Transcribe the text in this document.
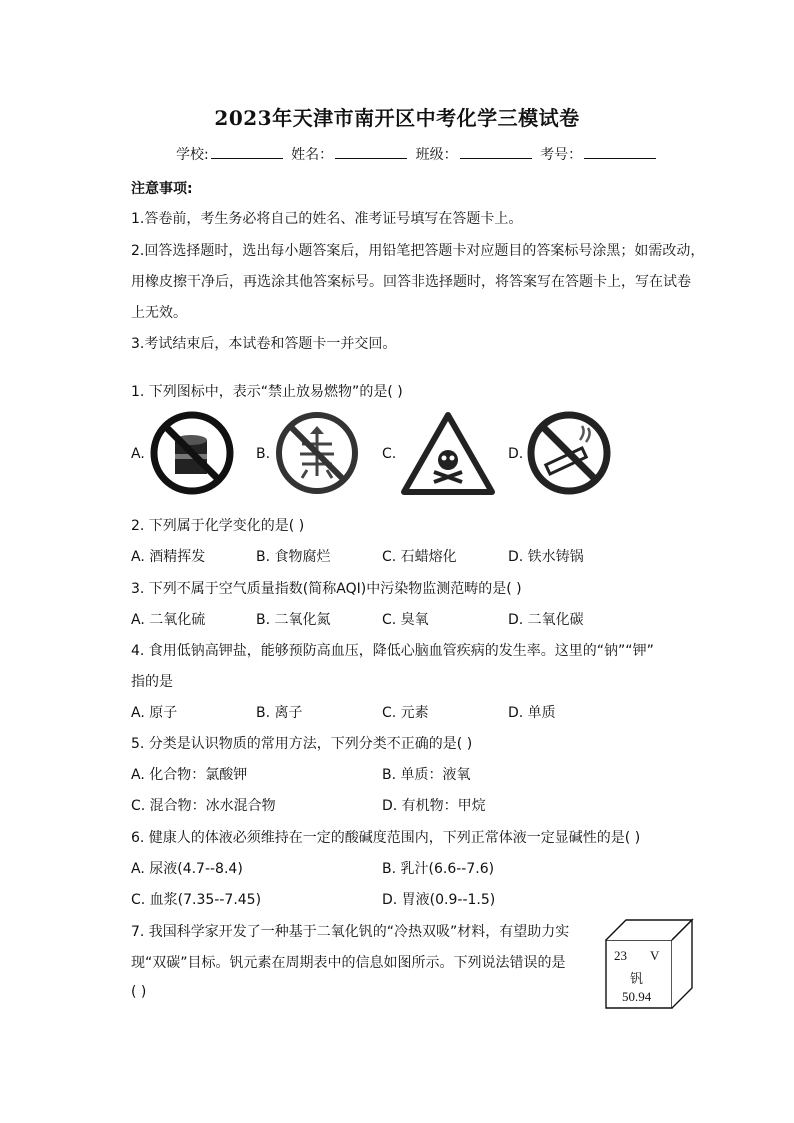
2023年天津市南开区中考化学三模试卷
学校:	姓名：	班级：	考号：
注意事项:
1.答卷前，考生务必将自己的姓名、准考证号填写在答题卡上。
2.回答选择题时，选出每小题答案后，用铅笔把答题卡对应题目的答案标号涂黑；如需改动，
用橡皮擦干净后，再选涂其他答案标号。回答非选择题时，将答案写在答题卡上，写在试卷
上无效。
3.考试结束后，本试卷和答题卡一并交回。
1. 下列图标中，表示“禁止放易燃物”的是( )
A.	B.	C.	D.
2. 下列属于化学变化的是( )
A. 酒精挥发	B. 食物腐烂	C. 石蜡熔化	D. 铁水铸锅
3. 下列不属于空气质量指数(简称AQI)中污染物监测范畴的是( )
A. 二氧化硫	B. 二氧化氮	C. 臭氧	D. 二氧化碳
4. 食用低钠高钾盐，能够预防高血压，降低心脑血管疾病的发生率。这里的“钠”“钾”
指的是
A. 原子	B. 离子	C. 元素	D. 单质
5. 分类是认识物质的常用方法，下列分类不正确的是( )
A. 化合物：氯酸钾	B. 单质：液氧
C. 混合物：冰水混合物	D. 有机物：甲烷
6. 健康人的体液必须维持在一定的酸碱度范围内，下列正常体液一定显碱性的是( )
A. 尿液(4.7--8.4)	B. 乳汁(6.6--7.6)
C. 血浆(7.35--7.45)	D. 胃液(0.9--1.5)
7. 我国科学家开发了一种基于二氧化钒的“冷热双吸”材料，有望助力实
现“双碳”目标。钒元素在周期表中的信息如图所示。下列说法错误的是
( )
23 V
钒
50.94
